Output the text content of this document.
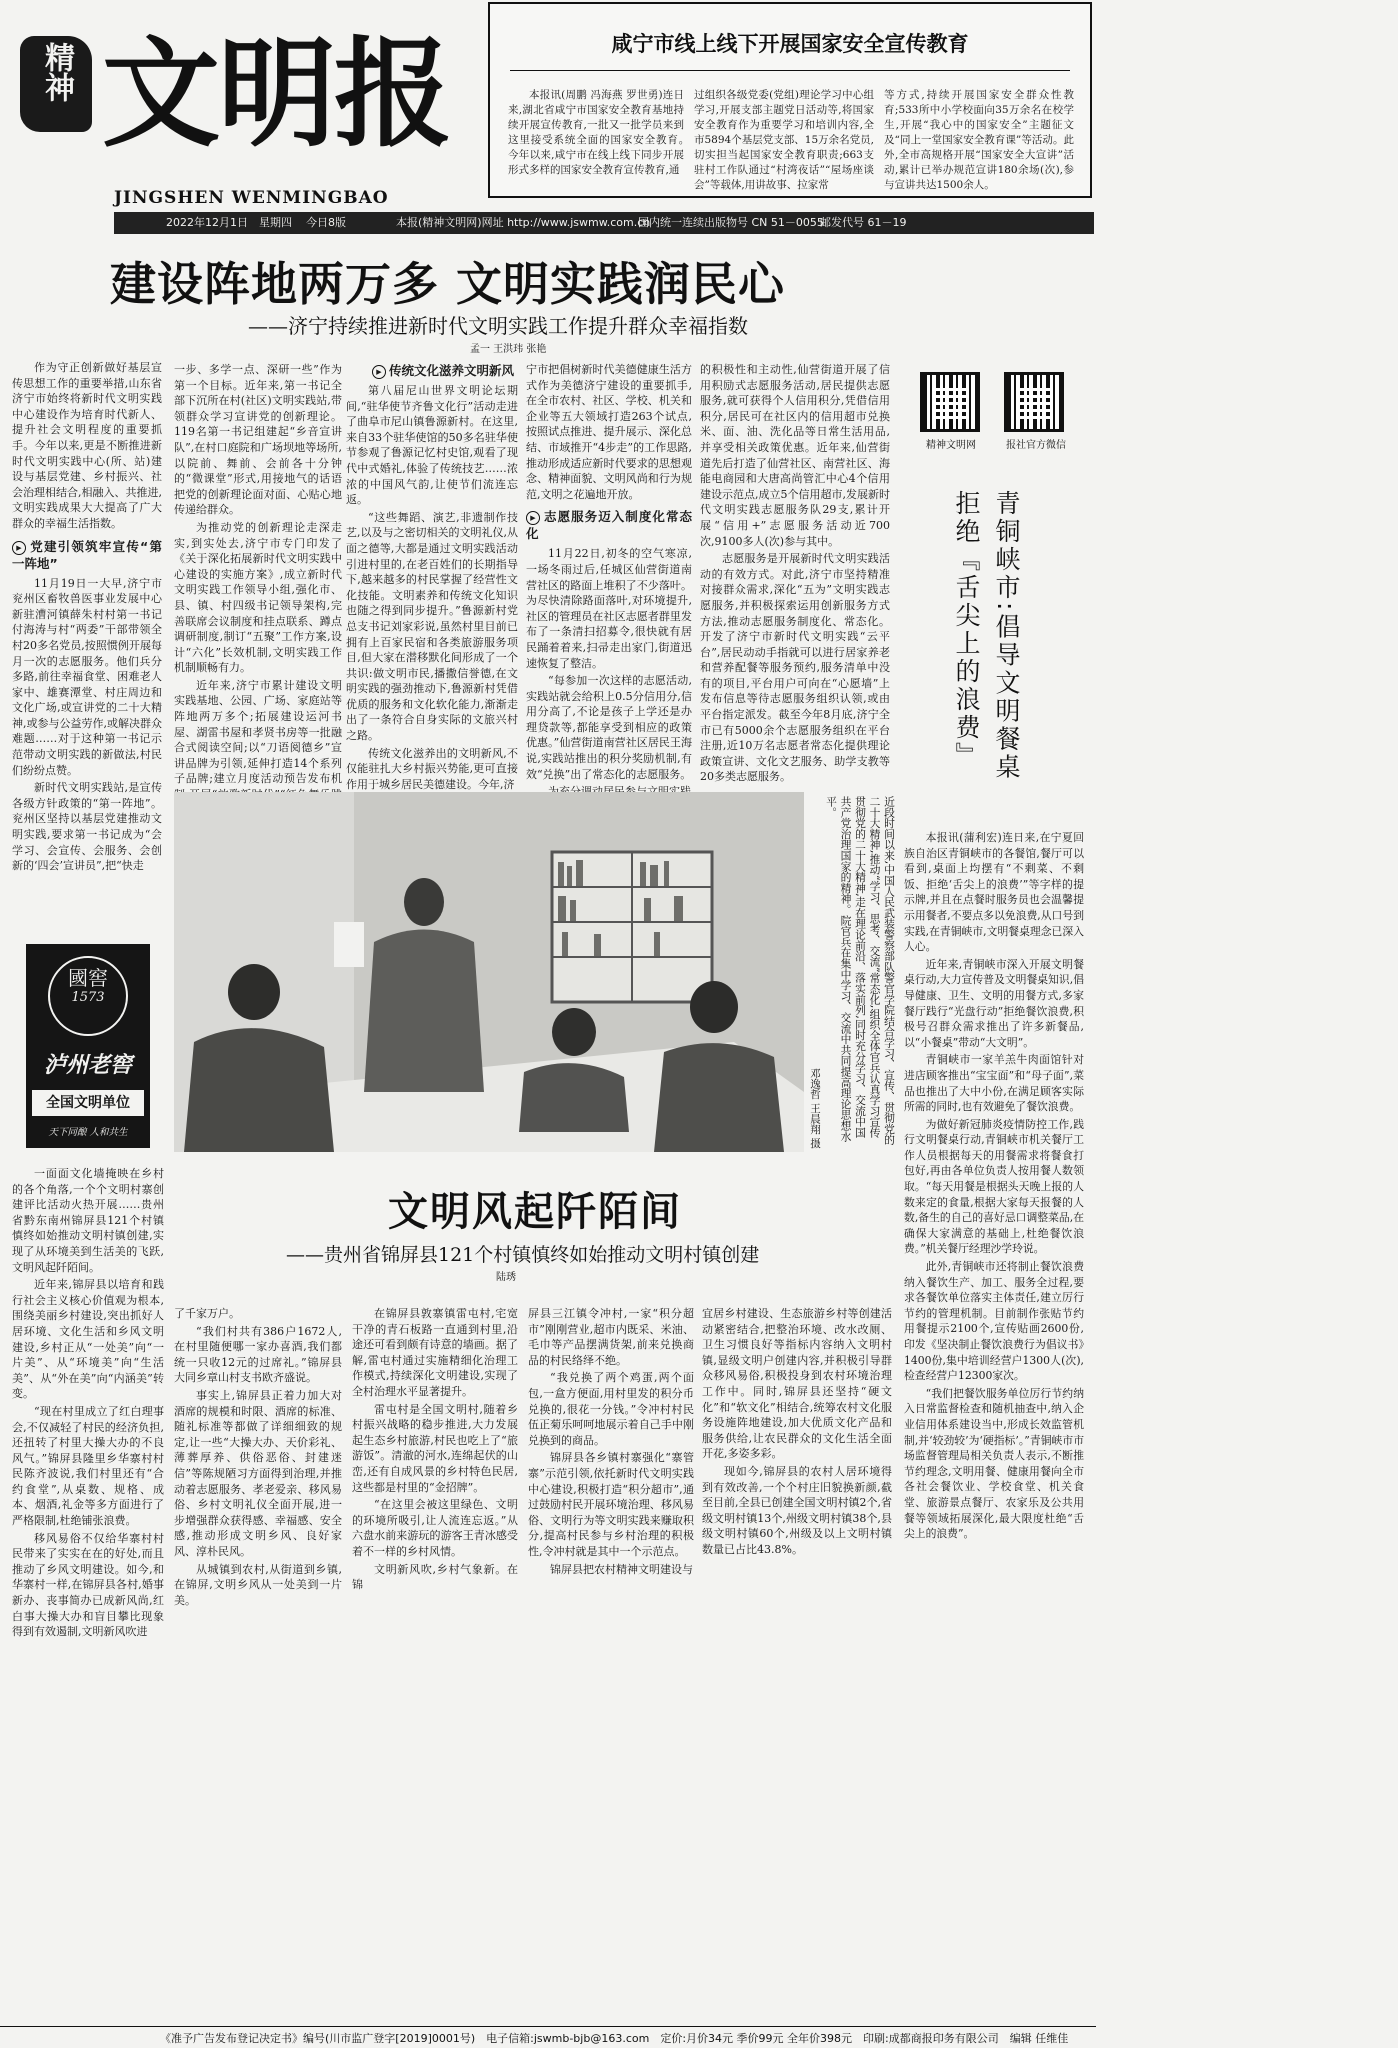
精神 文明报
JINGSHEN WENMINGBAO
咸宁市线上线下开展国家安全宣传教育

本报讯(周鹏 冯海燕 罗世勇)连日来,湖北省咸宁市国家安全教育基地持续开展宣传教育,一批又一批学员来到这里接受系统全面的国家安全教育。　今年以来,咸宁市在线上线下同步开展形式多样的国家安全教育宣传教育,通

过组织各级党委(党组)理论学习中心组学习,开展支部主题党日活动等,将国家安全教育作为重要学习和培训内容,全市5894个基层党支部、15万余名党员,切实担当起国家安全教育职责;663支驻村工作队通过“村湾夜话”“屋场座谈会”等载体,用讲故事、拉家常

等方式,持续开展国家安全群众性教育;533所中小学校面向35万余名在校学生,开展“我心中的国家安全”主题征文及“同上一堂国家安全教育课”等活动。此外,全市高规格开展“国家安全大宣讲”活动,累计已举办规范宣讲180余场(次),参与宣讲共达1500余人。

2022年12月1日　星期四 今日8版	本报(精神文明网)网址 http://www.jswmw.com.cn
国内统一连续出版物号 CN 51－0055
邮发代号 61－19
建设阵地两万多 文明实践润民心
——济宁持续推进新时代文明实践工作提升群众幸福指数
孟一 王洪玮 张艳

作为守正创新做好基层宣传思想工作的重要举措,山东省济宁市始终将新时代文明实践中心建设作为培育时代新人、提升社会文明程度的重要抓手。今年以来,更是不断推进新时代文明实践中心(所、站)建设与基层党建、乡村振兴、社会治理相结合,相融入、共推进,文明实践成果大大提高了广大群众的幸福生活指数。

▶ 党建引领筑牢宣传“第一阵地”

11月19日一大早,济宁市兖州区畜牧兽医事业发展中心新驻漕河镇薛朱村村第一书记付海涛与村“两委”干部带领全村20多名党员,按照惯例开展每月一次的志愿服务。他们兵分多路,前往幸福食堂、困难老人家中、雄赛潭堂、村庄周边和文化广场,或宣讲党的二十大精神,或参与公益劳作,或解决群众难题……对于这种第一书记示范带动文明实践的新做法,村民们纷纷点赞。

新时代文明实践站,是宣传各级方针政策的“第一阵地”。兖州区坚持以基层党建推动文明实践,要求第一书记成为“会学习、会宣传、会服务、会创新的‘四会’宣讲员”,把“快走

一步、多学一点、深研一些”作为第一个目标。近年来,第一书记全部下沉所在村(社区)文明实践站,带领群众学习宣讲党的创新理论。119名第一书记组建起“乡音宣讲队”,在村口庭院和广场坝地等场所,以院前、舞前、会前各十分钟的“微课堂”形式,用接地气的话语把党的创新理论面对面、心贴心地传递给群众。

为推动党的创新理论走深走实,到实处去,济宁市专门印发了《关于深化拓展新时代文明实践中心建设的实施方案》,成立新时代文明实践工作领导小组,强化市、县、镇、村四级书记领导架构,完善联席会议制度和挂点联系、蹲点调研制度,制订“五聚”工作方案,设计“六化”长效机制,文明实践工作机制顺畅有力。

近年来,济宁市累计建设文明实践基地、公园、广场、家庭站等阵地两万多个;拓展建设运河书屋、湖雷书屋和孝贤书房等一批融合式阅读空间;以“刀语阅德乡”宣讲品牌为引领,延伸打造14个系列子品牌;建立月度活动预告发布机

▶ 传统文化滋养文明新风

第八届尼山世界文明论坛期间,“驻华使节齐鲁文化行”活动走进了曲阜市尼山镇鲁源新村。在这里,来自33个驻华使馆的50多名驻华使节参观了鲁源记忆村史馆,观看了现代中式婚礼,体验了传统技艺……浓浓的中国风气韵,让使节们流连忘返。

“这些舞蹈、演艺,非遗制作技艺,以及与之密切相关的文明礼仪,从面之德等,大都是通过文明实践活动引进村里的,在老百姓们的长期指导下,越来越多的村民掌握了经营性文化技能。文明素养和传统文化知识也随之得到同步提升。”鲁源新村党总支书记刘家彩说,虽然村里目前已拥有上百家民宿和各类旅游服务项目,但大家在潜移默化间形成了一个共识:做文明市民,播撒信誉德,在文明实践的强劲推动下,鲁源新村凭借优质的服务和文化软化能力,渐渐走出了一条符合自身实际的文旅兴村之路。

传统文化滋养出的文明新风,不仅能驻扎大乡村振兴势能,更可直接作用于城乡居民美德建设。今年,济

宁市把倡树新时代美德健康生活方式作为美德济宁建设的重要抓手,在全市农村、社区、学校、机关和企业等五大领域打造263个试点,按照试点推进、提升展示、深化总结、市域推开“4步走”的工作思路,推动形成适应新时代要求的思想观念、精神面貌、文明风尚和行为规范,文明之花遍地开放。

▶ 志愿服务迈入制度化常态化

11月22日,初冬的空气寒凉,一场冬雨过后,任城区仙营街道南营社区的路面上堆积了不少落叶。为尽快清除路面落叶,对环境提升,社区的管理员在社区志愿者群里发布了一条清扫招募令,很快就有居民踊着着来,扫帚走出家门,街道迅速恢复了整洁。

“每参加一次这样的志愿活动,实践站就会给积上0.5分信用分,信用分高了,不论是孩子上学还是办理贷款等,都能享受到相应的政策优惠。”仙营街道南营社区居民王海说,实践站推出的积分奖励机制,有效“兑换”出了常态化的志愿服务。

的积极性和主动性,仙营街道开展了信用积励式志愿服务活动,居民提供志愿服务,就可获得个人信用积分,凭借信用积分,居民可在社区内的信用超市兑换米、面、油、洗化品等日常生活用品,并享受相关政策优惠。近年来,仙营街道先后打造了仙营社区、南营社区、海能电商园和大唐高尚管汇中心4个信用建设示范点,成立5个信用超市,发展新时代文明实践志愿服务队29支,累计开展“信用+”志愿服务活动近700次,9100多人(次)参与其中。

志愿服务是开展新时代文明实践活动的有效方式。对此,济宁市坚持精准对接群众需求,深化“五为”文明实践志愿服务,并积极探索运用创新服务方式方法,推动志愿服务制度化、常态化。开发了济宁市新时代文明实践“云平台”,居民动动手指就可以进行居家养老和营养配餐等服务预约,服务清单中没有的项目,平台用户可向在“心愿墙”上发布信息等待志愿服务组织认领,或由平台指定派发。截至今年8月底,济宁全市已有5000余个志愿服务组织在平台注册,近10万名志愿者常态化提供理论政策宣讲、文化文艺服务、助学支教等20多类志愿服务。

精神文明网	报社官方微信
青铜峡市:倡导文明餐桌
拒绝『舌尖上的浪费』

本报讯(蒲利宏)连日来,在宁夏回族自治区青铜峡市的各餐馆,餐厅可以看到,桌面上均摆有“不剩菜、不剩饭、拒绝‘舌尖上的浪费’”等字样的提示牌,并且在点餐时服务员也会温馨提示用餐者,不要点多以免浪费,从口号到实践,在青铜峡市,文明餐桌理念已深入人心。

近年来,青铜峡市深入开展文明餐桌行动,大力宣传普及文明餐桌知识,倡导健康、卫生、文明的用餐方式,多家餐厅践行“光盘行动”拒绝餐饮浪费,积极号召群众需求推出了许多新餐品,以“小餐桌”带动“大文明”。

青铜峡市一家羊羔牛肉面馆针对进店顾客推出“宝宝面”和“母子面”,菜品也推出了大中小份,在满足顾客实际所需的同时,也有效避免了餐饮浪费。

为做好新冠肺炎疫情防控工作,践行文明餐桌行动,青铜峡市机关餐厅工作人员根据每天的用餐需求将餐食打包好,再由各单位负责人按用餐人数领取。“每天用餐是根据头天晚上报的人数来定的食量,根据大家每天报餐的人数,备生的自己的喜好忌口调整菜品,在确保大家满意的基础上,杜绝餐饮浪费。”机关餐厅经理沙学玲说。

此外,青铜峡市还将制止餐饮浪费纳入餐饮生产、加工、服务全过程,要求各餐饮单位落实主体责任,建立厉行节约的管理机制。目前制作张贴节约用餐提示2100个,宣传贴画2600份,印发《坚决制止餐饮浪费行为倡议书》1400份,集中培训经营户1300人(次),检查经营户12300家次。

“我们把餐饮服务单位厉行节约纳入日常监督检查和随机抽查中,纳入企业信用体系建设当中,形成长效监管机制,并‘较劲较’为‘硬指标’。”青铜峡市市场监督管理局相关负责人表示,不断推节约理念,文明用餐、健康用餐向全市各社会餐饮业、学校食堂、机关食堂、旅游景点餐厅、农家乐及公共用餐等领域拓展深化,最大限度杜绝“舌尖上的浪费”。

近段时间以来,中国人民武装警察部队警官学院结合学习、宣传、贯彻党的二十大精神,推动“学习、思考、交流”常态化,组织全体官兵认真学习宣传贯彻党的二十大精神,走在理论前沿、落实前列,同时充分学习、交流中国共产党治理国家的精神。院官兵在集中学习、交流中共同提高理论思想水平。
邓逸哲 王晨翔 摄
國窖
1573
泸州老窖
全国文明单位
天下同酿 人和共生

一面面文化墙掩映在乡村的各个角落,一个个文明村寨创建评比活动火热开展……贵州省黔东南州锦屏县121个村镇慎终如始推动文明村镇创建,实现了从环境美到生活美的飞跃,文明风起阡陌间。

近年来,锦屏县以培育和践行社会主义核心价值观为根本,围绕美丽乡村建设,突出抓好人居环境、文化生活和乡风文明建设,乡村正从“一处美”向“一片美”、从“环境美”向“生活美”、从“外在美”向“内涵美”转变。

“现在村里成立了红白理事会,不仅减轻了村民的经济负担,还扭转了村里大操大办的不良风气。”锦屏县隆里乡华寨村村民陈齐波说,我们村里还有“合约食堂”,从桌数、规格、成本、烟酒,礼金等多方面进行了严格限制,杜绝铺张浪费。

移风易俗不仅给华寨村村民带来了实实在在的好处,而且推动了乡风文明建设。如今,和华寨村一样,在锦屏县各村,婚事新办、丧事简办已成新风尚,红白事大操大办和盲目攀比现象得到有效遏制,文明新风吹进

文明风起阡陌间
——贵州省锦屏县121个村镇慎终如始推动文明村镇创建
陆琇

了千家万户。

“我们村共有386户1672人,在村里随便哪一家办喜酒,我们都统一只收12元的过席礼。”锦屏县大同乡章山村支书欧齐盛说。

事实上,锦屏县正着力加大对酒席的规模和时限、酒席的标准、随礼标准等都做了详细细致的规定,让一些“大操大办、天价彩礼、薄葬厚养、供俗恶俗、封建迷信”等陈规陋习方面得到治理,并推动着志愿服务、孝老爱亲、移风易俗、乡村文明礼仪全面开展,进一步增强群众获得感、幸福感、安全感,推动形成文明乡风、良好家风、淳朴民风。

从城镇到农村,从街道到乡镇,在锦屏,文明乡风从一处美到一片美。

在锦屏县敦寨镇雷屯村,宅宽干净的青石板路一直通到村里,沿途还可看到颇有诗意的墙画。据了解,雷屯村通过实施精细化治理工作模式,持续深化文明建设,实现了全村治理水平显著提升。

雷屯村是全国文明村,随着乡村振兴战略的稳步推进,大力发展起生态乡村旅游,村民也吃上了“旅游饭”。清澈的河水,连绵起伏的山峦,还有自成风景的乡村特色民居,这些都是村里的“金招牌”。

“在这里会被这里绿色、文明的环境所吸引,让人流连忘返。”从六盘水前来游玩的游客王青冰感受着不一样的乡村风情。

文明新风吹,乡村气象新。在锦

屏县三江镇令冲村,一家“积分超市”刚刚营业,超市内既采、米油、毛巾等产品摆满货架,前来兑换商品的村民络绎不绝。

“我兑换了两个鸡蛋,两个面包,一盒方便面,用村里发的积分币兑换的,很花一分钱。”令冲村村民伍正菊乐呵呵地展示着自己手中刚兑换到的商品。

锦屏县各乡镇村寨强化“寨管寨”示范引领,依托新时代文明实践中心建设,积极打造“积分超市”,通过鼓励村民开展环境治理、移风易俗、文明行为等文明实践来赚取积分,提高村民参与乡村治理的积极性,令冲村就是其中一个示范点。

锦屏县把农村精神文明建设与

宜居乡村建设、生态旅游乡村等创建活动紧密结合,把整治环境、改水改厕、卫生习惯良好等指标内容纳入文明村镇,显级文明户创建内容,并积极引导群众移风易俗,积极投身到农村环境治理工作中。同时,锦屏县还坚持“硬文化”和“软文化”相结合,统筹农村文化服务设施阵地建设,加大优质文化产品和服务供给,让农民群众的文化生活全面开花,多姿多彩。

现如今,锦屏县的农村人居环境得到有效改善,一个个村庄旧貌换新颜,截至目前,全县已创建全国文明村镇2个,省级文明村镇13个,州级文明村镇38个,县级文明村镇60个,州级及以上文明村镇数量已占比43.8%。

《准予广告发布登记决定书》编号(川市监广登字[2019]0001号)　电子信箱:jswmb-bjb@163.com　定价:月价34元 季价99元 全年价398元　印刷:成都商报印务有限公司　编辑 任维佳
